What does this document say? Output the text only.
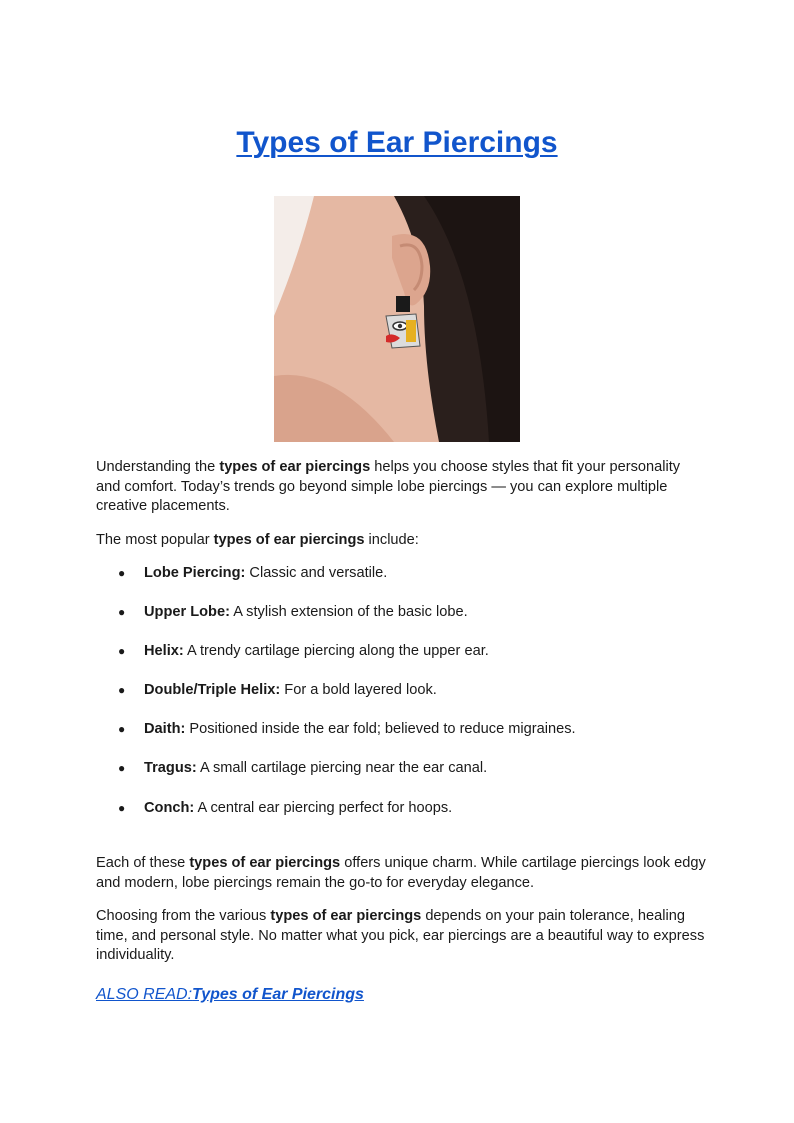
Types of Ear Piercings

Understanding the types of ear piercings helps you choose styles that fit your personality and comfort. Today’s trends go beyond simple lobe piercings — you can explore multiple creative placements.

The most popular types of ear piercings include:

● Lobe Piercing: Classic and versatile.
● Upper Lobe: A stylish extension of the basic lobe.
● Helix: A trendy cartilage piercing along the upper ear.
● Double/Triple Helix: For a bold layered look.
● Daith: Positioned inside the ear fold; believed to reduce migraines.
● Tragus: A small cartilage piercing near the ear canal.
● Conch: A central ear piercing perfect for hoops.

Each of these types of ear piercings offers unique charm. While cartilage piercings look edgy and modern, lobe piercings remain the go-to for everyday elegance.

Choosing from the various types of ear piercings depends on your pain tolerance, healing time, and personal style. No matter what you pick, ear piercings are a beautiful way to express individuality.

ALSO READ:Types of Ear Piercings
